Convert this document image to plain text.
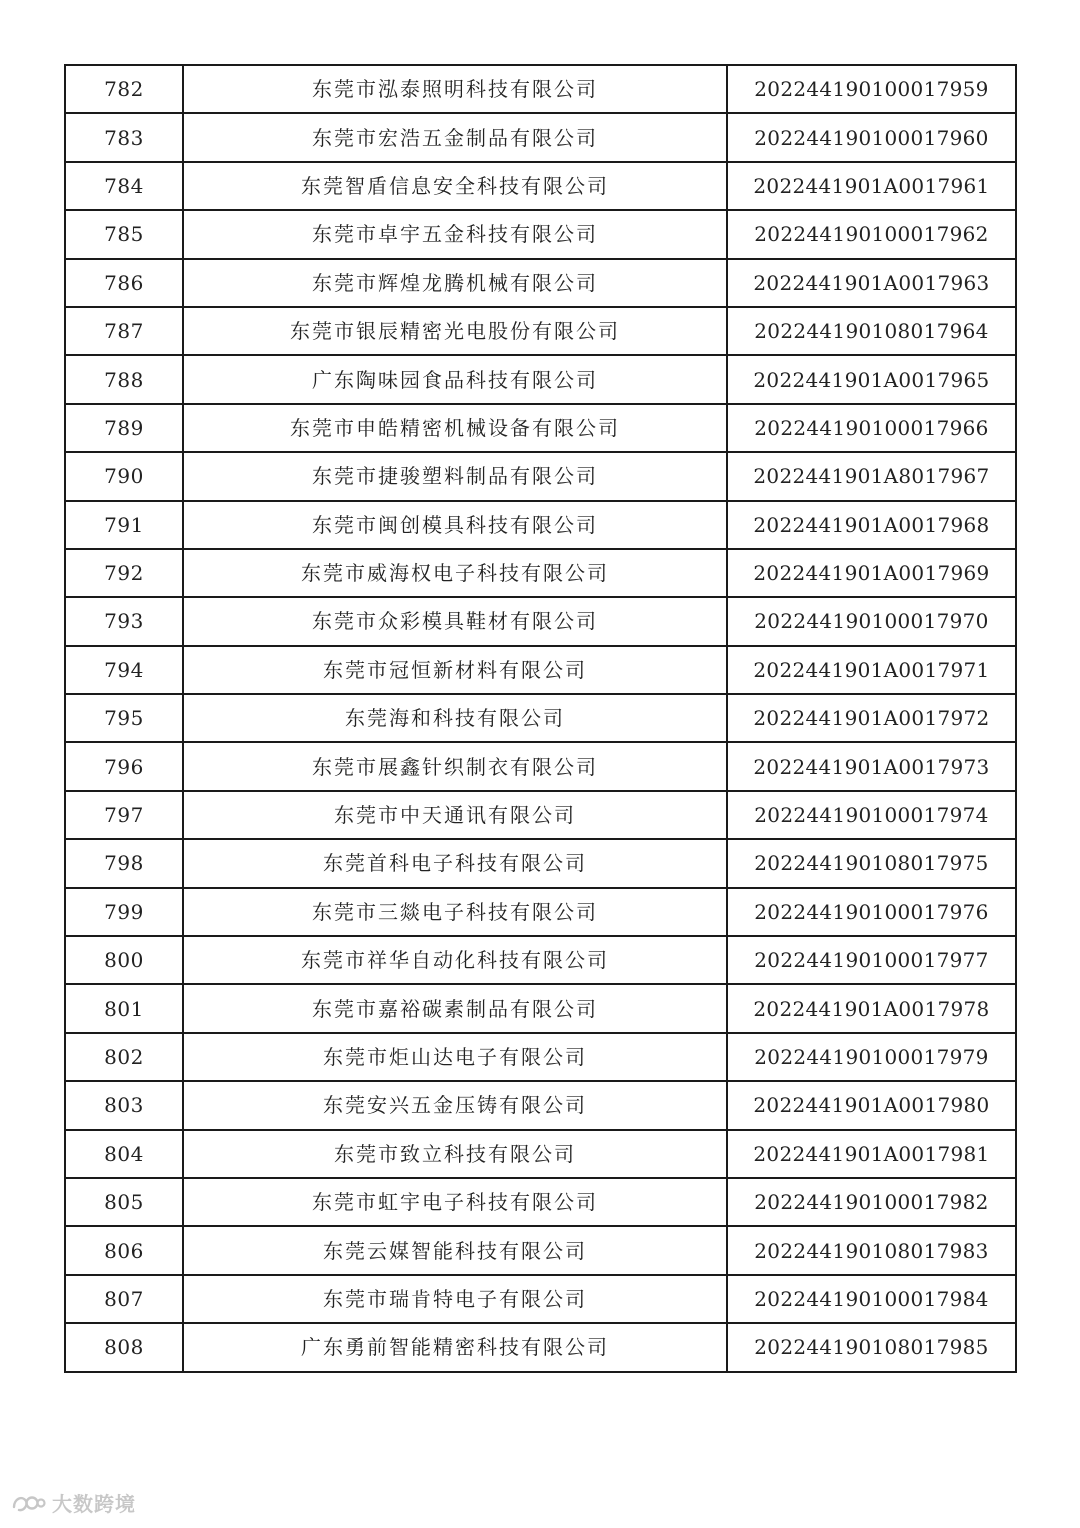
782	东莞市泓泰照明科技有限公司	202244190100017959
783	东莞市宏浩五金制品有限公司	202244190100017960
784	东莞智盾信息安全科技有限公司	2022441901A0017961
785	东莞市卓宇五金科技有限公司	202244190100017962
786	东莞市辉煌龙腾机械有限公司	2022441901A0017963
787	东莞市银辰精密光电股份有限公司	202244190108017964
788	广东陶味园食品科技有限公司	2022441901A0017965
789	东莞市申皓精密机械设备有限公司	202244190100017966
790	东莞市捷骏塑料制品有限公司	2022441901A8017967
791	东莞市闽创模具科技有限公司	2022441901A0017968
792	东莞市威海权电子科技有限公司	2022441901A0017969
793	东莞市众彩模具鞋材有限公司	202244190100017970
794	东莞市冠恒新材料有限公司	2022441901A0017971
795	东莞海和科技有限公司	2022441901A0017972
796	东莞市展鑫针织制衣有限公司	2022441901A0017973
797	东莞市中天通讯有限公司	202244190100017974
798	东莞首科电子科技有限公司	202244190108017975
799	东莞市三燚电子科技有限公司	202244190100017976
800	东莞市祥华自动化科技有限公司	202244190100017977
801	东莞市嘉裕碳素制品有限公司	2022441901A0017978
802	东莞市炬山达电子有限公司	202244190100017979
803	东莞安兴五金压铸有限公司	2022441901A0017980
804	东莞市致立科技有限公司	2022441901A0017981
805	东莞市虹宇电子科技有限公司	202244190100017982
806	东莞云媒智能科技有限公司	202244190108017983
807	东莞市瑞肯特电子有限公司	202244190100017984
808	广东勇前智能精密科技有限公司	202244190108017985
大数跨境
